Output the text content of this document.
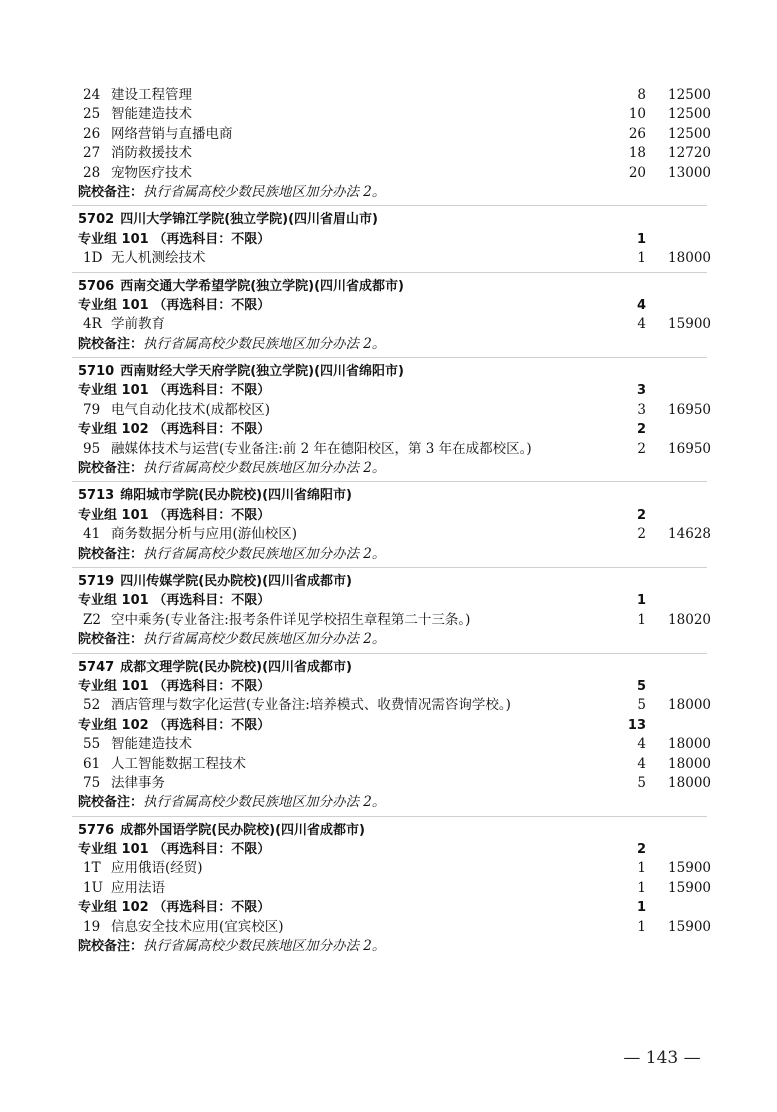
24 建设工程管理	8 12500
25 智能建造技术	10 12500
26 网络营销与直播电商	26 12500
27 消防救援技术	18 12720
28 宠物医疗技术	20 13000
院校备注：执行省属高校少数民族地区加分办法 2。
5702 四川大学锦江学院(独立学院)(四川省眉山市)
专业组 101 （再选科目：不限）	1
1D 无人机测绘技术	1 18000
5706 西南交通大学希望学院(独立学院)(四川省成都市)
专业组 101 （再选科目：不限）	4
4R 学前教育	4 15900
院校备注：执行省属高校少数民族地区加分办法 2。
5710 西南财经大学天府学院(独立学院)(四川省绵阳市)
专业组 101 （再选科目：不限）	3
79 电气自动化技术(成都校区)	3 16950
专业组 102 （再选科目：不限）	2
95 融媒体技术与运营(专业备注:前 2 年在德阳校区，第 3 年在成都校区。)	2 16950
院校备注：执行省属高校少数民族地区加分办法 2。
5713 绵阳城市学院(民办院校)(四川省绵阳市)
专业组 101 （再选科目：不限）	2
41 商务数据分析与应用(游仙校区)	2 14628
院校备注：执行省属高校少数民族地区加分办法 2。
5719 四川传媒学院(民办院校)(四川省成都市)
专业组 101 （再选科目：不限）	1
Z2 空中乘务(专业备注:报考条件详见学校招生章程第二十三条。)	1 18020
院校备注：执行省属高校少数民族地区加分办法 2。
5747 成都文理学院(民办院校)(四川省成都市)
专业组 101 （再选科目：不限）	5
52 酒店管理与数字化运营(专业备注:培养模式、收费情况需咨询学校。)	5 18000
专业组 102 （再选科目：不限）	13
55 智能建造技术	4 18000
61 人工智能数据工程技术	4 18000
75 法律事务	5 18000
院校备注：执行省属高校少数民族地区加分办法 2。
5776 成都外国语学院(民办院校)(四川省成都市)
专业组 101 （再选科目：不限）	2
1T 应用俄语(经贸)	1 15900
1U 应用法语	1 15900
专业组 102 （再选科目：不限）	1
19 信息安全技术应用(宜宾校区)	1 15900
院校备注：执行省属高校少数民族地区加分办法 2。
— 143 —
